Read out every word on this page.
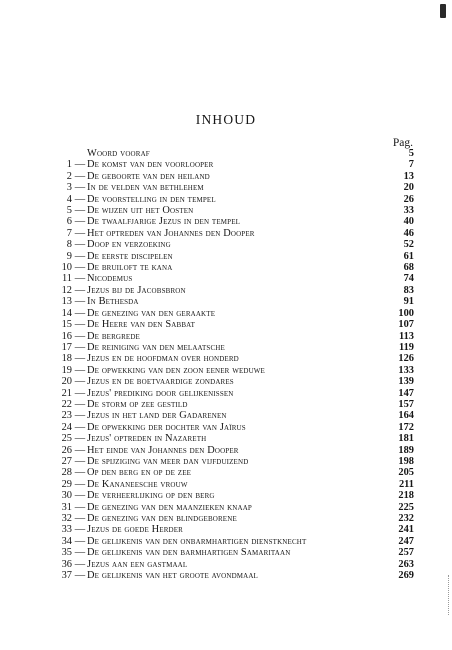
INHOUD
Pag.
Woord vooraf	5
1 — De komst van den voorlooper	7
2 — De geboorte van den heiland	13
3 — In de velden van bethlehem	20
4 — De voorstelling in den tempel	26
5 — De wijzen uit het Oosten	33
6 — De twaalfjarige Jezus in den tempel	40
7 — Het optreden van Johannes den Dooper	46
8 — Doop en verzoeking	52
9 — De eerste discipelen	61
10 — De bruiloft te kana	68
11 — Nicodemus	74
12 — Jezus bij de Jacobsbron	83
13 — In Bethesda	91
14 — De genezing van den geraakte	100
15 — De Heere van den Sabbat	107
16 — De bergrede	113
17 — De reiniging van den melaatsche	119
18 — Jezus en de hoofdman over honderd	126
19 — De opwekking van den zoon eener weduwe	133
20 — Jezus en de boetvaardige zondares	139
21 — Jezus' prediking door gelijkenissen	147
22 — De storm op zee gestild	157
23 — Jezus in het land der Gadarenen	164
24 — De opwekking der dochter van Jaïrus	172
25 — Jezus' optreden in Nazareth	181
26 — Het einde van Johannes den Dooper	189
27 — De spijziging van meer dan vijfduizend	198
28 — Op den berg en op de zee	205
29 — De Kananeesche vrouw	211
30 — De verheerlijking op den berg	218
31 — De genezing van den maanzieken knaap	225
32 — De genezing van den blindgeborene	232
33 — Jezus de goede Herder	241
34 — De gelijkenis van den onbarmhartigen dienstknecht	247
35 — De gelijkenis van den barmhartigen Samaritaan	257
36 — Jezus aan een gastmaal	263
37 — De gelijkenis van het groote avondmaal	269
